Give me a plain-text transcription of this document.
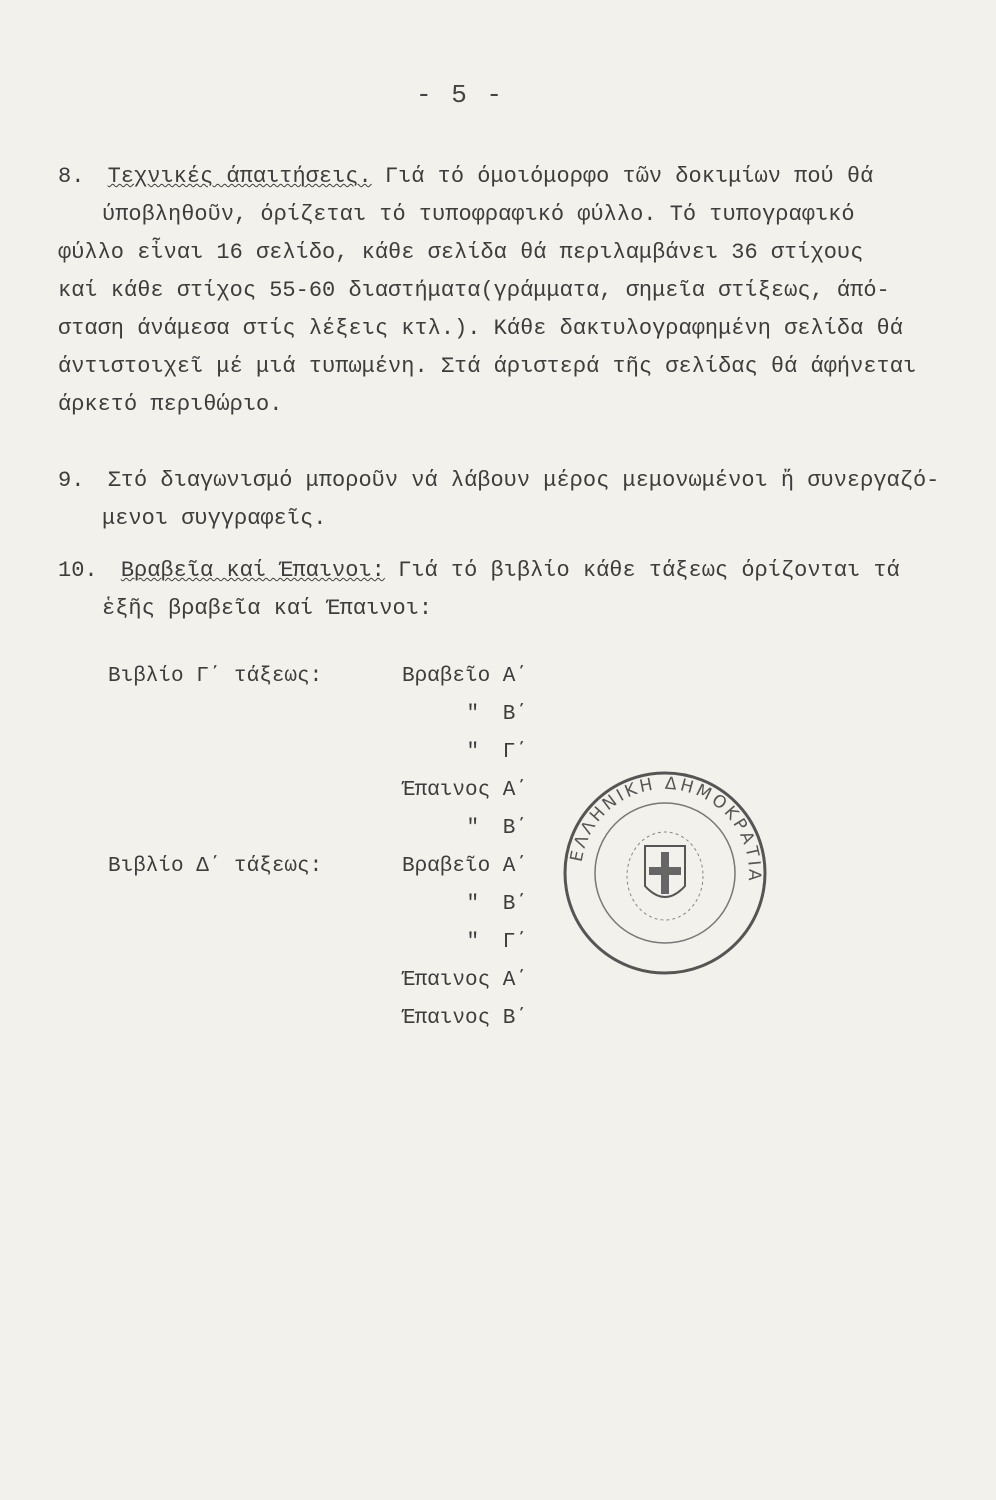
- 5 -
8. Τεχνικές άπαιτήσεις. Γιά τό όμοιόμορφο τῶν δοκιμίων πού θά
ύποβληθοῦν, όρίζεται τό τυποφραφικό φύλλο. Τό τυπογραφικό
φύλλο εἶναι 16 σελίδο, κάθε σελίδα θά περιλαμβάνει 36 στίχους
καί κάθε στίχος 55-60 διαστήματα(γράμματα, σημεῖα στίξεως, άπό-
σταση άνάμεσα στίς λέξεις κτλ.). Κάθε δακτυλογραφημένη σελίδα θά
άντιστοιχεῖ μέ μιά τυπωμένη. Στά άριστερά τῆς σελίδας θά άφήνεται
άρκετό περιθώριο.
9. Στό διαγωνισμό μποροῦν νά λάβουν μέρος μεμονωμένοι ἤ συνεργαζό-
μενοι συγγραφεῖς.
10. Βραβεῖα καί Έπαινοι: Γιά τό βιβλίο κάθε τάξεως όρίζονται τά
ἑξῆς βραβεῖα καί Έπαινοι:
Βιβλίο Γ΄ τάξεως:	Βραβεῖο Α΄
" Β΄
" Γ΄
Έπαινος Α΄
" Β΄
Βιβλίο Δ΄ τάξεως:	Βραβεῖο Α΄
" Β΄
" Γ΄
Έπαινος Α΄
Έπαινος Β΄
ΕΛΛΗΝΙΚΗ ΔΗΜΟΚΡΑΤΙΑ
